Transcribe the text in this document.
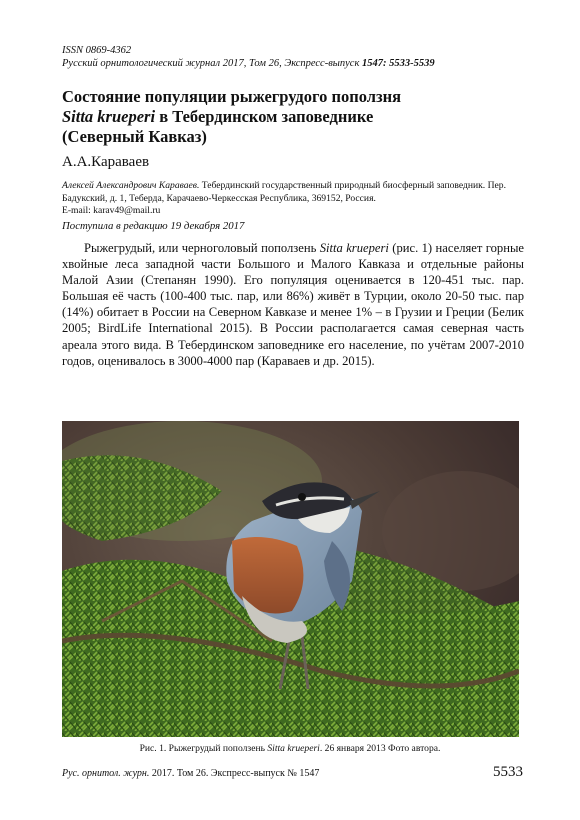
ISSN 0869-4362
Русский орнитологический журнал 2017, Том 26, Экспресс-выпуск 1547: 5533-5539
Состояние популяции рыжегрудого поползня
Sitta krueperi в Тебердинском заповеднике
(Северный Кавказ)
А.А.Караваев
Алексей Александрович Караваев. Тебердинский государственный природный биосферный заповедник. Пер. Бадукский, д. 1, Теберда, Карачаево-Черкесская Республика, 369152, Россия.
E-mail: karav49@mail.ru
Поступила в редакцию 19 декабря 2017

Рыжегрудый, или черноголовый поползень Sitta krueperi (рис. 1) населяет горные хвойные леса западной части Большого и Малого Кавказа и отдельные районы Малой Азии (Степанян 1990). Его популяция оценивается в 120-451 тыс. пар. Большая её часть (100-400 тыс. пар, или 86%) живёт в Турции, около 20-50 тыс. пар (14%) обитает в России на Северном Кавказе и менее 1% – в Грузии и Греции (Белик 2005; BirdLife International 2015). В России располагается самая северная часть ареала этого вида. В Тебердинском заповеднике его население, по учётам 2007-2010 годов, оценивалось в 3000-4000 пар (Караваев и др. 2015).

Рис. 1. Рыжегрудый поползень Sitta krueperi. 26 января 2013 Фото автора.
Рус. орнитол. журн. 2017. Том 26. Экспресс-выпуск № 1547	5533
